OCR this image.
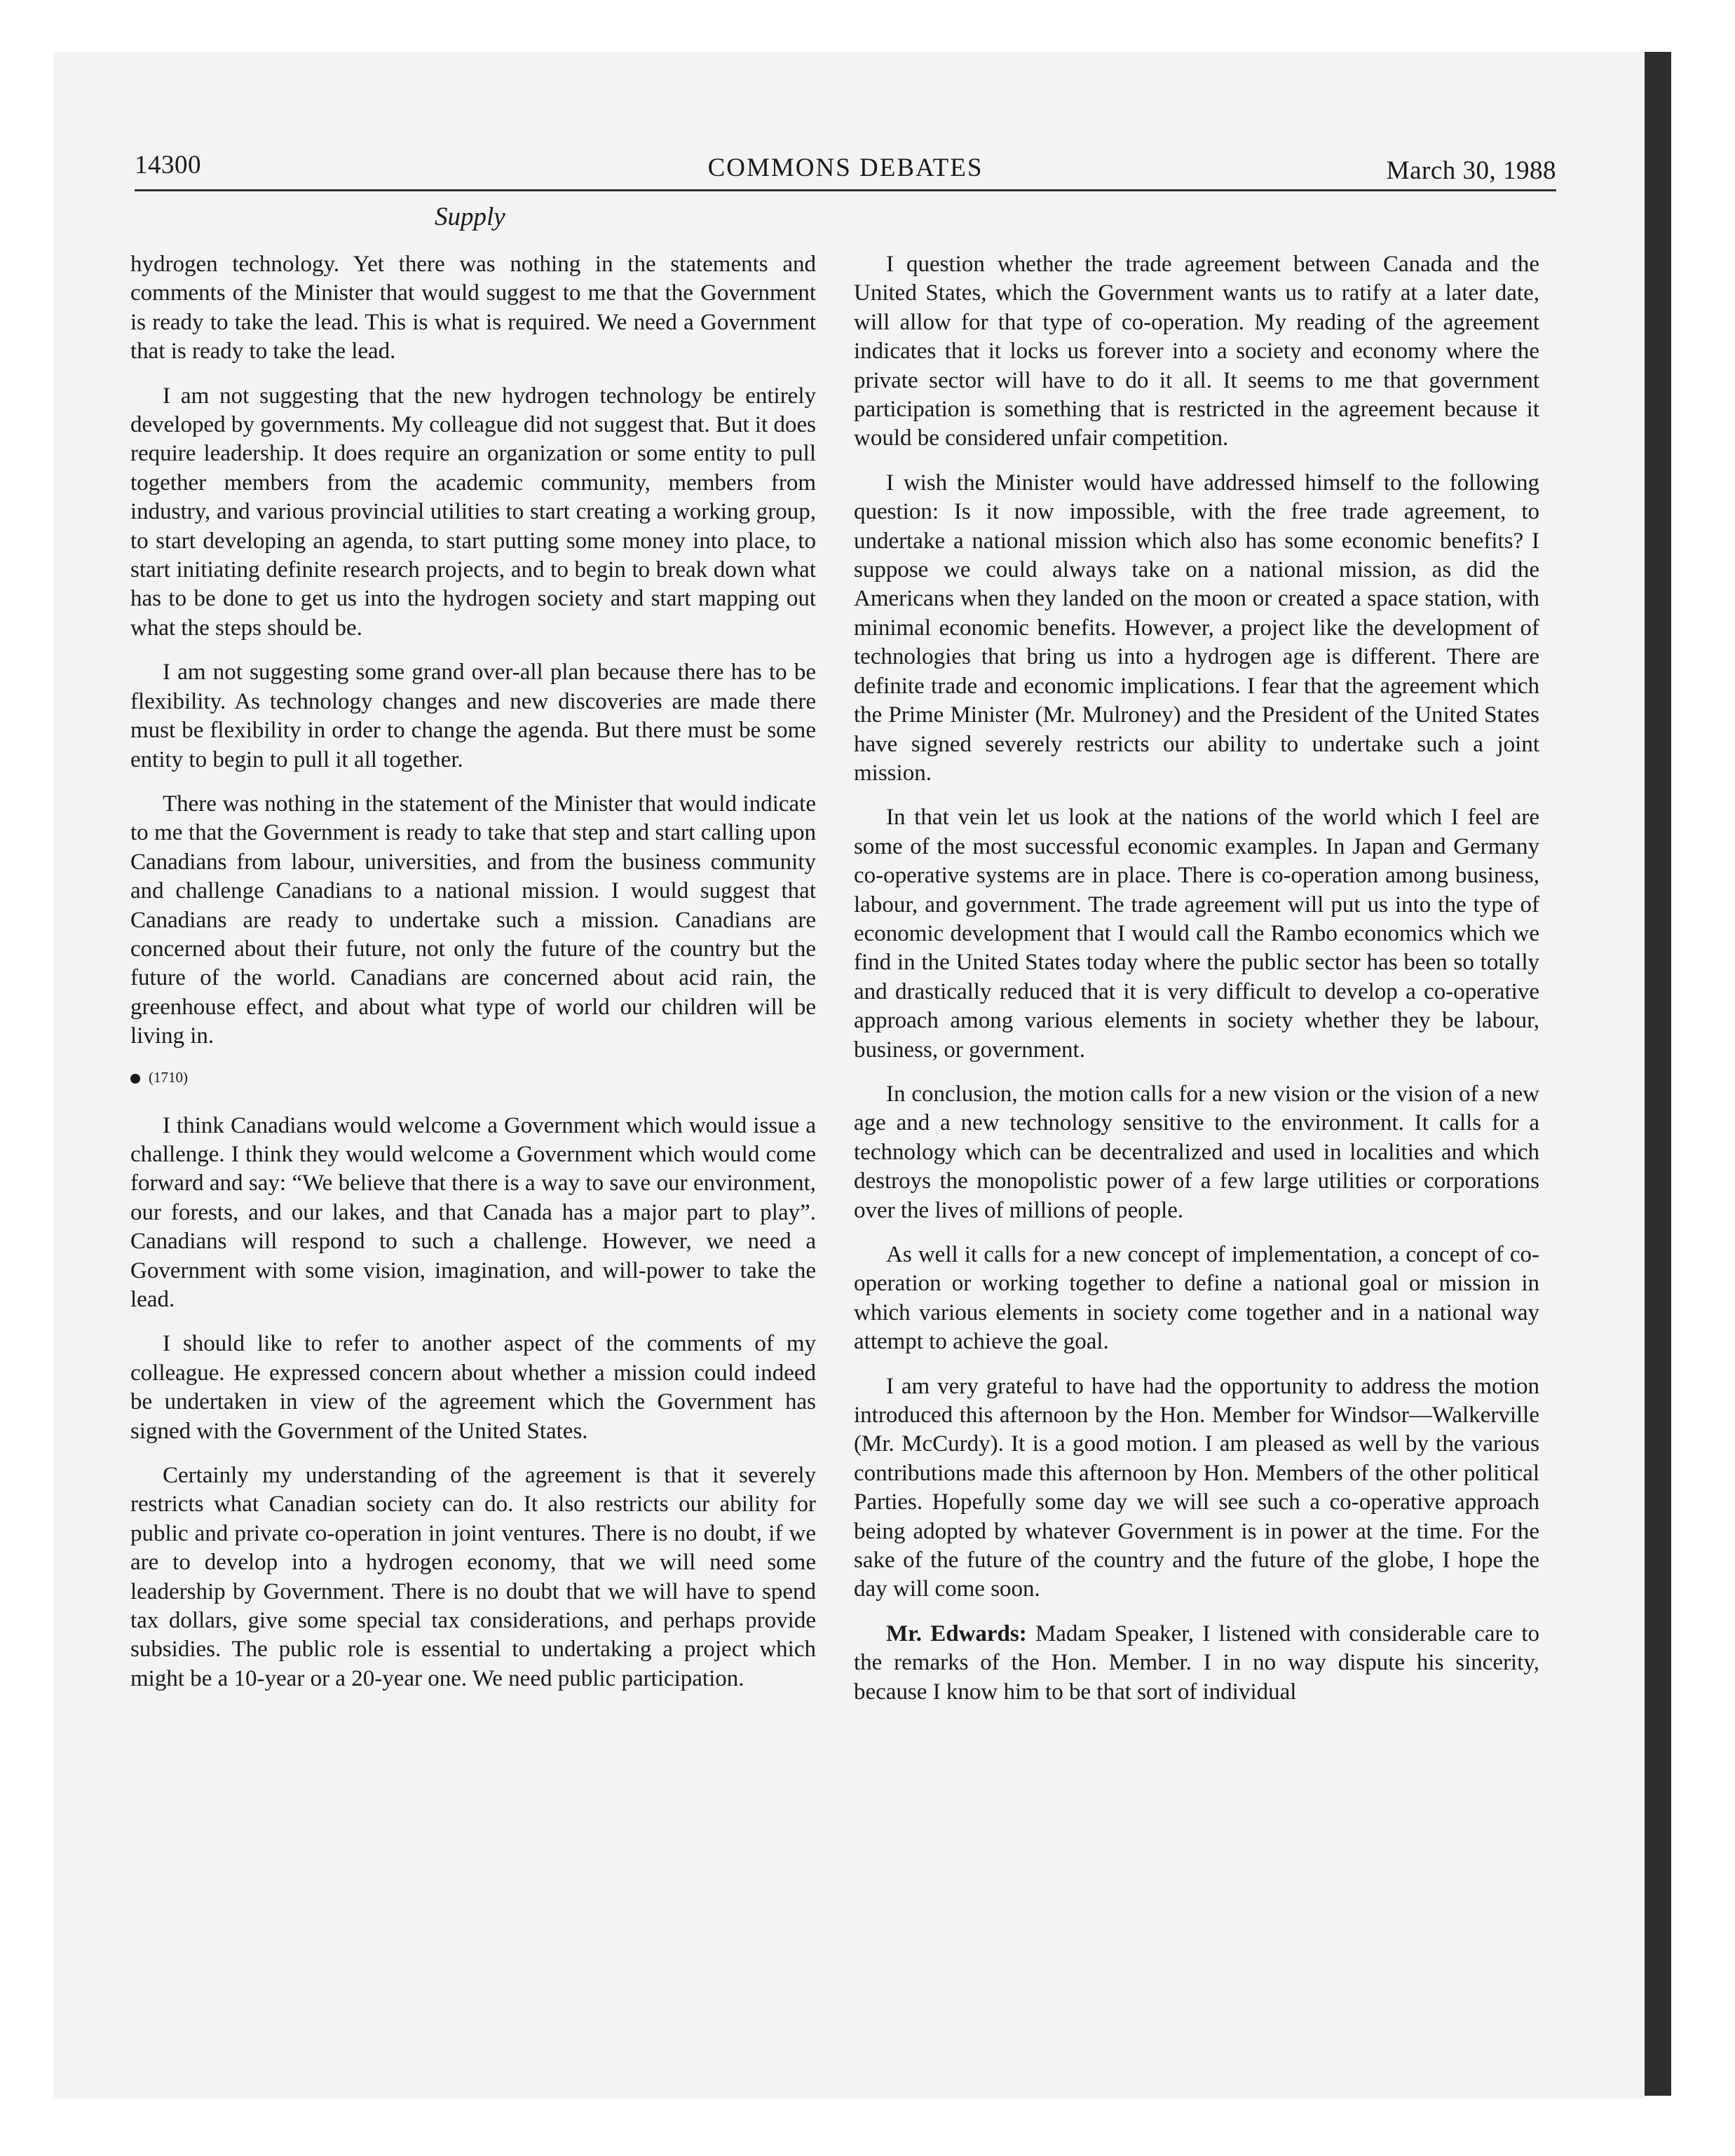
14300	COMMONS DEBATES	March 30, 1988
Supply

hydrogen technology. Yet there was nothing in the statements and comments of the Minister that would suggest to me that the Government is ready to take the lead. This is what is required. We need a Government that is ready to take the lead.

I am not suggesting that the new hydrogen technology be entirely developed by governments. My colleague did not suggest that. But it does require leadership. It does require an organization or some entity to pull together members from the academic community, members from industry, and various provincial utilities to start creating a working group, to start developing an agenda, to start putting some money into place, to start initiating definite research projects, and to begin to break down what has to be done to get us into the hydrogen society and start mapping out what the steps should be.

I am not suggesting some grand over-all plan because there has to be flexibility. As technology changes and new discoveries are made there must be flexibility in order to change the agenda. But there must be some entity to begin to pull it all together.

There was nothing in the statement of the Minister that would indicate to me that the Government is ready to take that step and start calling upon Canadians from labour, universities, and from the business community and challenge Canadians to a national mission. I would suggest that Canadians are ready to undertake such a mission. Canadians are concerned about their future, not only the future of the country but the future of the world. Canadians are concerned about acid rain, the greenhouse effect, and about what type of world our children will be living in.

(1710)

I think Canadians would welcome a Government which would issue a challenge. I think they would welcome a Government which would come forward and say: “We believe that there is a way to save our environment, our forests, and our lakes, and that Canada has a major part to play”. Canadians will respond to such a challenge. However, we need a Government with some vision, imagination, and will-power to take the lead.

I should like to refer to another aspect of the comments of my colleague. He expressed concern about whether a mission could indeed be undertaken in view of the agreement which the Government has signed with the Government of the United States.

Certainly my understanding of the agreement is that it severely restricts what Canadian society can do. It also restricts our ability for public and private co-operation in joint ventures. There is no doubt, if we are to develop into a hydrogen economy, that we will need some leadership by Government. There is no doubt that we will have to spend tax dollars, give some special tax considerations, and perhaps provide subsidies. The public role is essential to undertaking a project which might be a 10-year or a 20-year one. We need public participation.

I question whether the trade agreement between Canada and the United States, which the Government wants us to ratify at a later date, will allow for that type of co-operation. My reading of the agreement indicates that it locks us forever into a society and economy where the private sector will have to do it all. It seems to me that government participation is something that is restricted in the agreement because it would be considered unfair competition.

I wish the Minister would have addressed himself to the following question: Is it now impossible, with the free trade agreement, to undertake a national mission which also has some economic benefits? I suppose we could always take on a national mission, as did the Americans when they landed on the moon or created a space station, with minimal economic benefits. However, a project like the development of technologies that bring us into a hydrogen age is different. There are definite trade and economic implications. I fear that the agreement which the Prime Minister (Mr. Mulroney) and the President of the United States have signed severely restricts our ability to undertake such a joint mission.

In that vein let us look at the nations of the world which I feel are some of the most successful economic examples. In Japan and Germany co-operative systems are in place. There is co-operation among business, labour, and government. The trade agreement will put us into the type of economic development that I would call the Rambo economics which we find in the United States today where the public sector has been so totally and drastically reduced that it is very difficult to develop a co-operative approach among various elements in society whether they be labour, business, or government.

In conclusion, the motion calls for a new vision or the vision of a new age and a new technology sensitive to the environment. It calls for a technology which can be decentralized and used in localities and which destroys the monopolistic power of a few large utilities or corporations over the lives of millions of people.

As well it calls for a new concept of implementation, a concept of co-operation or working together to define a national goal or mission in which various elements in society come together and in a national way attempt to achieve the goal.

I am very grateful to have had the opportunity to address the motion introduced this afternoon by the Hon. Member for Windsor—Walkerville (Mr. McCurdy). It is a good motion. I am pleased as well by the various contributions made this afternoon by Hon. Members of the other political Parties. Hopefully some day we will see such a co-operative approach being adopted by whatever Government is in power at the time. For the sake of the future of the country and the future of the globe, I hope the day will come soon.

Mr. Edwards: Madam Speaker, I listened with considerable care to the remarks of the Hon. Member. I in no way dispute his sincerity, because I know him to be that sort of individual
